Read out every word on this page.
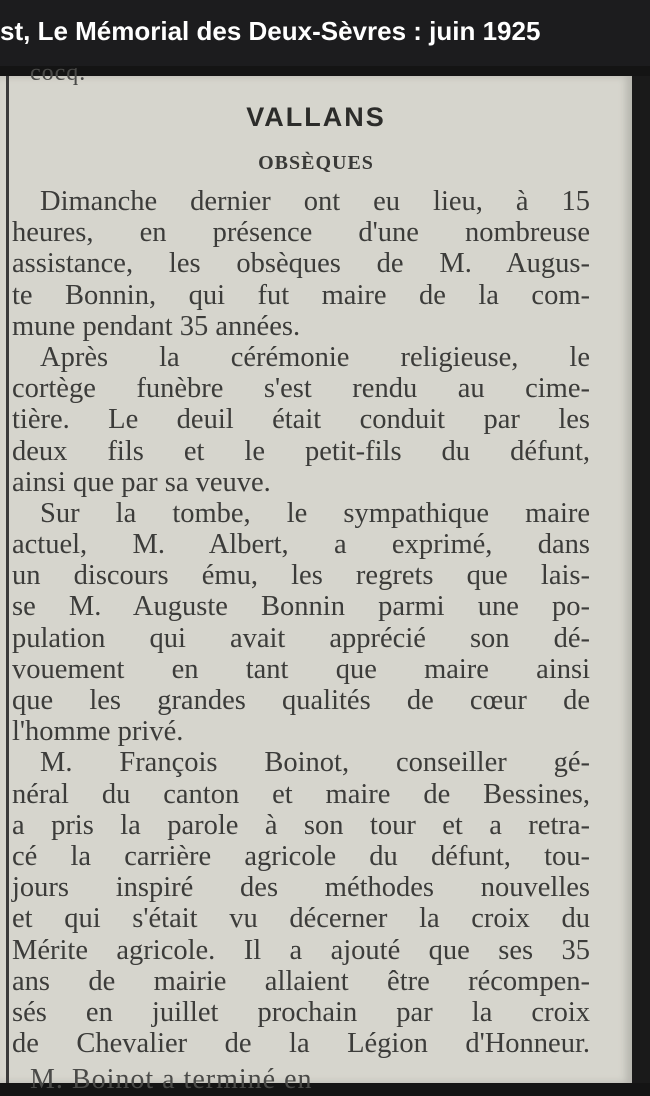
st, Le Mémorial des Deux-Sèvres : juin 1925
cocq.
VALLANS
OBSÈQUES
Dimanche dernier ont eu lieu, à 15
heures, en présence d'une nombreuse
assistance, les obsèques de M. Augus-
te Bonnin, qui fut maire de la com-
mune pendant 35 années.
Après la cérémonie religieuse, le
cortège funèbre s'est rendu au cime-
tière. Le deuil était conduit par les
deux fils et le petit-fils du défunt,
ainsi que par sa veuve.
Sur la tombe, le sympathique maire
actuel, M. Albert, a exprimé, dans
un discours ému, les regrets que lais-
se M. Auguste Bonnin parmi une po-
pulation qui avait apprécié son dé-
vouement en tant que maire ainsi
que les grandes qualités de cœur de
l'homme privé.
M. François Boinot, conseiller gé-
néral du canton et maire de Bessines,
a pris la parole à son tour et a retra-
cé la carrière agricole du défunt, tou-
jours inspiré des méthodes nouvelles
et qui s'était vu décerner la croix du
Mérite agricole. Il a ajouté que ses 35
ans de mairie allaient être récompen-
sés en juillet prochain par la croix
de Chevalier de la Légion d'Honneur.
M. Boinot a terminé en
